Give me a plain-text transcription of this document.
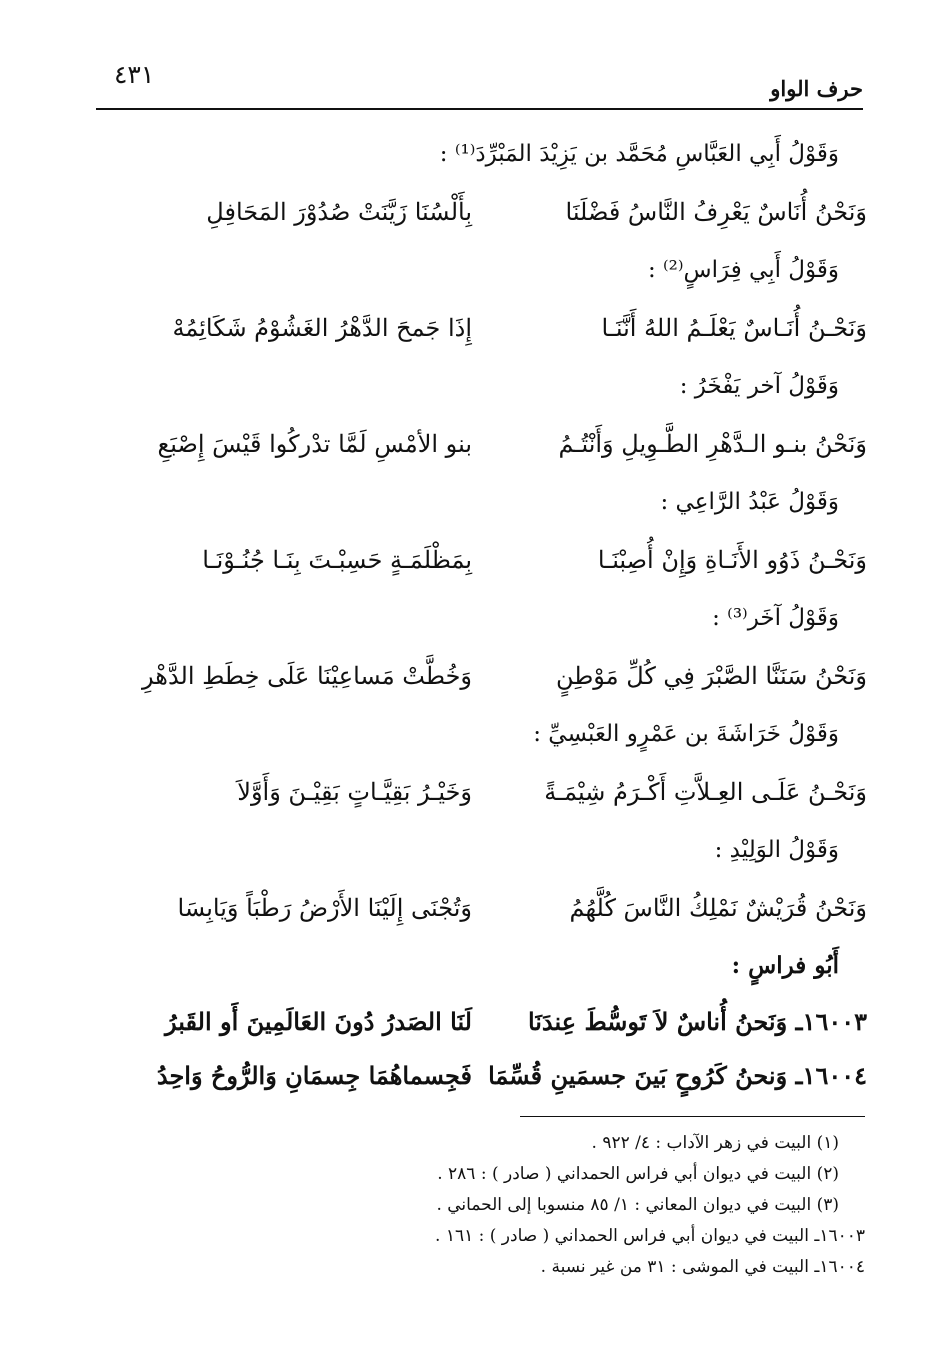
حرف الواو
٤٣١
وَقَوْلُ أَبِي العَبَّاسِ مُحَمَّد بن يَزِيْدَ المَبْرِّدَ⁽¹⁾ :
وَنَحْنُ أُنَاسٌ يَعْرِفُ النَّاسُ فَضْلَنَا
بِأَلْسُنَا زَيَّنَتْ صُدُوْرَ المَحَافِلِ
وَقَوْلُ أَبِي فِرَاسٍ⁽²⁾ :
وَنَحْـنُ أُنَـاسٌ يَعْلَـمُ اللهُ أَنَّنَـا
إِذَا جَمحَ الدَّهْرُ الغَشُوْمُ شَكَائِمُهْ
وَقَوْلُ آخر يَفْخَرُ :
وَنَحْنُ بنـو الـدَّهْرِ الطَّـوِيلِ وَأَنْتُـمُ
بنو الأمْسِ لَمَّا تدْركُوا قَيْسَ إِصْبَعِ
وَقَوْلُ عَبْدُ الرَّاعِي :
وَنَحْـنُ ذَوُو الأَنَـاةِ وَإِنْ أُصِبْنَـا
بِمَظْلَمَـةٍ حَسِبْـتَ بِنَـا جُنُـوْنَـا
وَقَوْلُ آخَر⁽³⁾ :
وَنَحْنُ سَنَنَّا الصَّبْرَ فِي كُلِّ مَوْطِنٍ
وَخُطَّتْ مَساعِيْنَا عَلَى خِطَطِ الدَّهْرِ
وَقَوْلُ خَرَاشَةَ بن عَمْرٍو العَبْسِيِّ :
وَنَحْـنُ عَلَـى العِـلاَّتِ أَكْـرَمُ شِيْمَـةً
وَخَيْـرُ بَقِيَّـاتٍ بَقِيْـنَ وَأَوَّلاَ
وَقَوْلُ الوَلِيْدِ :
وَنَحْنُ قُرَيْشٌ نَمْلِكُ النَّاسَ كُلَّهُمُ
وَتُجْنَى إِلَيْنَا الأَرْضُ رَطْبَاً وَيَابِسَا
أَبُو فراسٍ :
١٦٠٠٣ـ وَنَحنُ أُناسٌ لاَ تَوسُّطَ عِندَنَا
لَنَا الصَدرُ دُونَ العَالَمِينَ أَو القَبرُ
١٦٠٠٤ـ وَنحنُ كَرُوحٍ بَينَ جسمَينِ قُسِّمَا
فَجِسماهُمَا جِسمَانِ وَالرُّوحُ وَاحِدُ
(١) البيت في زهر الآداب : ٤/ ٩٢٢ .
(٢) البيت في ديوان أبي فراس الحمداني ( صادر ) : ٢٨٦ .
(٣) البيت في ديوان المعاني : ١/ ٨٥ منسوبا إلى الحماني .
١٦٠٠٣ـ البيت في ديوان أبي فراس الحمداني ( صادر ) : ١٦١ .
١٦٠٠٤ـ البيت في الموشى : ٣١ من غير نسبة .
